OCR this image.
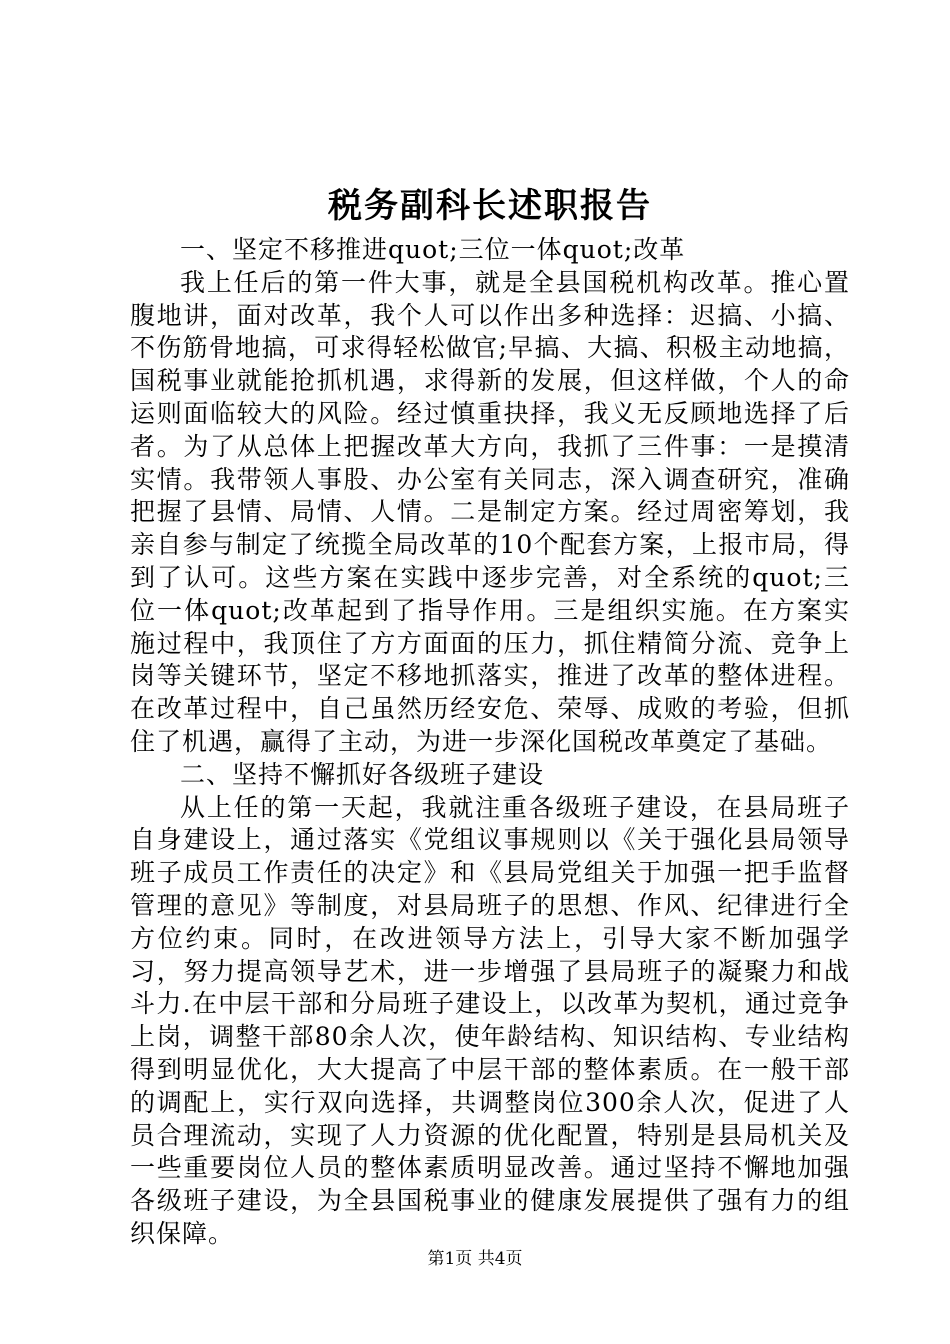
税务副科长述职报告

一、坚定不移推进quot;三位一体quot;改革

我上任后的第一件大事，就是全县国税机构改革。推心置腹地讲，面对改革，我个人可以作出多种选择：迟搞、小搞、不伤筋骨地搞，可求得轻松做官;早搞、大搞、积极主动地搞，国税事业就能抢抓机遇，求得新的发展，但这样做，个人的命运则面临较大的风险。经过慎重抉择，我义无反顾地选择了后者。为了从总体上把握改革大方向，我抓了三件事：一是摸清实情。我带领人事股、办公室有关同志，深入调查研究，准确把握了县情、局情、人情。二是制定方案。经过周密筹划，我亲自参与制定了统揽全局改革的10个配套方案，上报市局，得到了认可。这些方案在实践中逐步完善，对全系统的quot;三位一体quot;改革起到了指导作用。三是组织实施。在方案实施过程中，我顶住了方方面面的压力，抓住精简分流、竞争上岗等关键环节，坚定不移地抓落实，推进了改革的整体进程。在改革过程中，自己虽然历经安危、荣辱、成败的考验，但抓住了机遇，赢得了主动，为进一步深化国税改革奠定了基础。

二、坚持不懈抓好各级班子建设

从上任的第一天起，我就注重各级班子建设，在县局班子自身建设上，通过落实《党组议事规则以《关于强化县局领导班子成员工作责任的决定》和《县局党组关于加强一把手监督管理的意见》等制度，对县局班子的思想、作风、纪律进行全方位约束。同时，在改进领导方法上，引导大家不断加强学习，努力提高领导艺术，进一步增强了县局班子的凝聚力和战斗力.在中层干部和分局班子建设上，以改革为契机，通过竞争上岗，调整干部80余人次，使年龄结构、知识结构、专业结构得到明显优化，大大提高了中层干部的整体素质。在一般干部的调配上，实行双向选择，共调整岗位300余人次，促进了人员合理流动，实现了人力资源的优化配置，特别是县局机关及一些重要岗位人员的整体素质明显改善。通过坚持不懈地加强各级班子建设，为全县国税事业的健康发展提供了强有力的组织保障。

第1页 共4页
